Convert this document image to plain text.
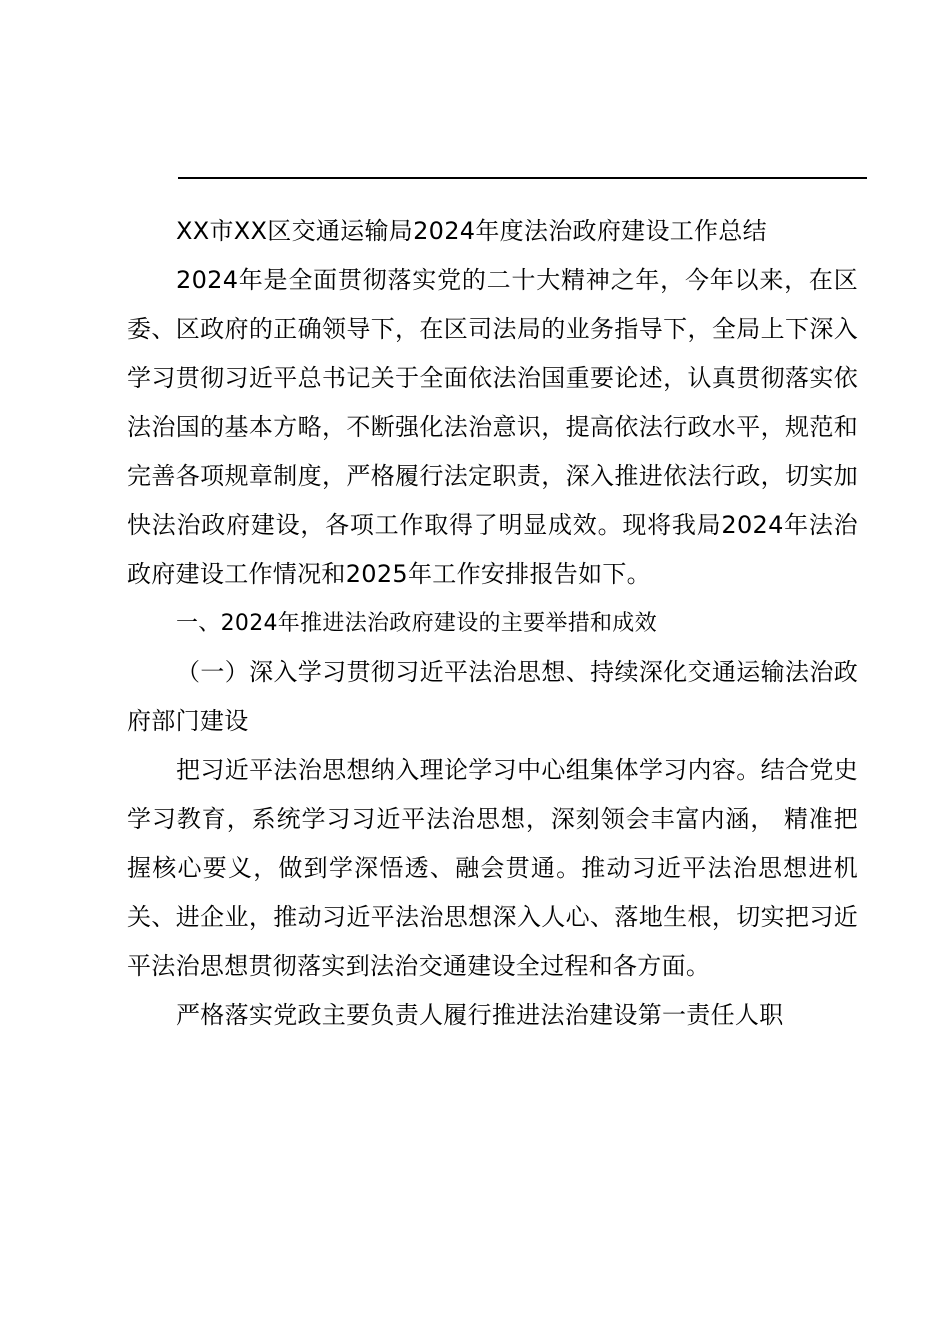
XX市XX区交通运输局2024年度法治政府建设工作总结

2024年是全面贯彻落实党的二十大精神之年，今年以来，在区委、区政府的正确领导下，在区司法局的业务指导下，全局上下深入学习贯彻习近平总书记关于全面依法治国重要论述，认真贯彻落实依法治国的基本方略，不断强化法治意识，提高依法行政水平，规范和完善各项规章制度，严格履行法定职责，深入推进依法行政，切实加快法治政府建设，各项工作取得了明显成效。现将我局2024年法治政府建设工作情况和2025年工作安排报告如下。

一、2024年推进法治政府建设的主要举措和成效

（一）深入学习贯彻习近平法治思想、持续深化交通运输法治政府部门建设

把习近平法治思想纳入理论学习中心组集体学习内容。结合党史学习教育，系统学习习近平法治思想，深刻领会丰富内涵， 精准把握核心要义，做到学深悟透、融会贯通。推动习近平法治思想进机关、进企业，推动习近平法治思想深入人心、落地生根，切实把习近平法治思想贯彻落实到法治交通建设全过程和各方面。

严格落实党政主要负责人履行推进法治建设第一责任人职
